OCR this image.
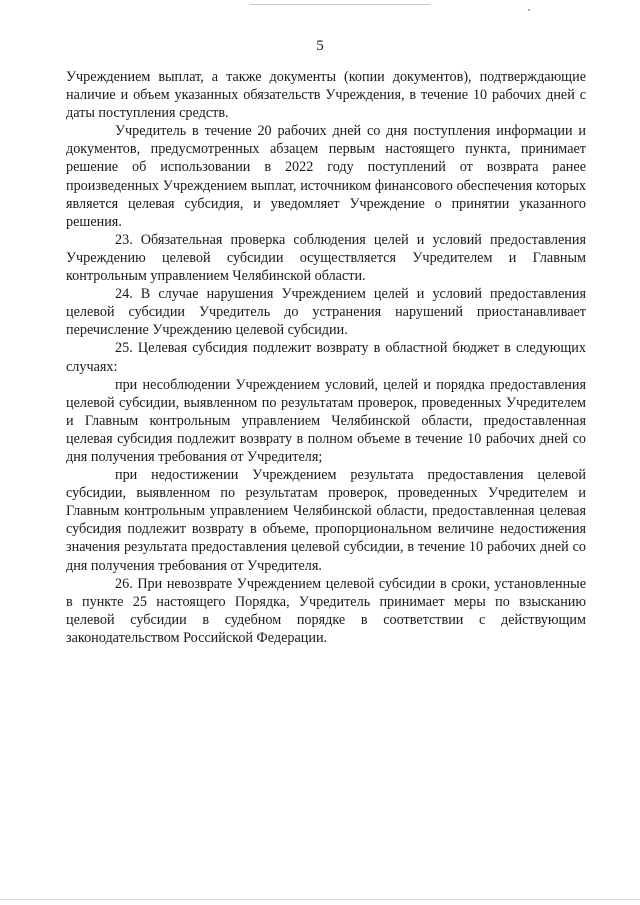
5

Учреждением выплат, а также документы (копии документов), подтверждающие наличие и объем указанных обязательств Учреждения, в течение 10 рабочих дней с даты поступления средств.

Учредитель в течение 20 рабочих дней со дня поступления информации и документов, предусмотренных абзацем первым настоящего пункта, принимает решение об использовании в 2022 году поступлений от возврата ранее произведенных Учреждением выплат, источником финансового обеспечения которых является целевая субсидия, и уведомляет Учреждение о принятии указанного решения.

23. Обязательная проверка соблюдения целей и условий предоставления Учреждению целевой субсидии осуществляется Учредителем и Главным контрольным управлением Челябинской области.

24. В случае нарушения Учреждением целей и условий предоставления целевой субсидии Учредитель до устранения нарушений приостанавливает перечисление Учреждению целевой субсидии.

25. Целевая субсидия подлежит возврату в областной бюджет в следующих случаях:

при несоблюдении Учреждением условий, целей и порядка предоставления целевой субсидии, выявленном по результатам проверок, проведенных Учредителем и Главным контрольным управлением Челябинской области, предоставленная целевая субсидия подлежит возврату в полном объеме в течение 10 рабочих дней со дня получения требования от Учредителя;

при недостижении Учреждением результата предоставления целевой субсидии, выявленном по результатам проверок, проведенных Учредителем и Главным контрольным управлением Челябинской области, предоставленная целевая субсидия подлежит возврату в объеме, пропорциональном величине недостижения значения результата предоставления целевой субсидии, в течение 10 рабочих дней со дня получения требования от Учредителя.

26. При невозврате Учреждением целевой субсидии в сроки, установленные в пункте 25 настоящего Порядка, Учредитель принимает меры по взысканию целевой субсидии в судебном порядке в соответствии с действующим законодательством Российской Федерации.
